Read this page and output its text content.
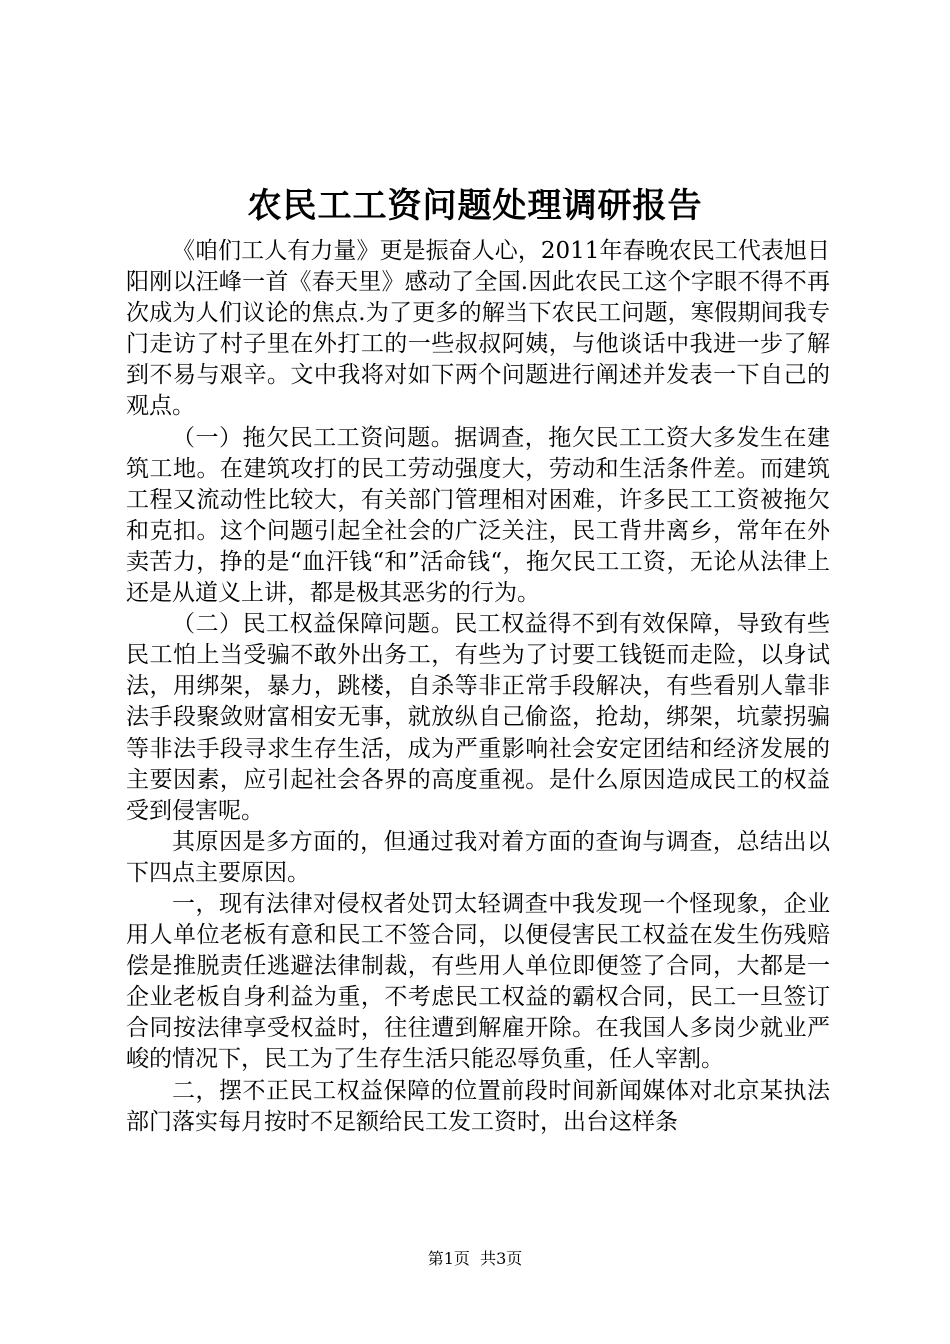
农民工工资问题处理调研报告

《咱们工人有力量》更是振奋人心，2011年春晚农民工代表旭日阳刚以汪峰一首《春天里》感动了全国.因此农民工这个字眼不得不再次成为人们议论的焦点.为了更多的解当下农民工问题，寒假期间我专门走访了村子里在外打工的一些叔叔阿姨，与他谈话中我进一步了解到不易与艰辛。文中我将对如下两个问题进行阐述并发表一下自己的观点。

（一）拖欠民工工资问题。据调查，拖欠民工工资大多发生在建筑工地。在建筑攻打的民工劳动强度大，劳动和生活条件差。而建筑工程又流动性比较大，有关部门管理相对困难，许多民工工资被拖欠和克扣。这个问题引起全社会的广泛关注，民工背井离乡，常年在外卖苦力，挣的是“血汗钱“和”活命钱“，拖欠民工工资，无论从法律上还是从道义上讲，都是极其恶劣的行为。

（二）民工权益保障问题。民工权益得不到有效保障，导致有些民工怕上当受骗不敢外出务工，有些为了讨要工钱铤而走险，以身试法，用绑架，暴力，跳楼，自杀等非正常手段解决，有些看别人靠非法手段聚敛财富相安无事，就放纵自己偷盗，抢劫，绑架，坑蒙拐骗等非法手段寻求生存生活，成为严重影响社会安定团结和经济发展的主要因素，应引起社会各界的高度重视。是什么原因造成民工的权益受到侵害呢。

其原因是多方面的，但通过我对着方面的查询与调查，总结出以下四点主要原因。

一，现有法律对侵权者处罚太轻调查中我发现一个怪现象，企业用人单位老板有意和民工不签合同，以便侵害民工权益在发生伤残赔偿是推脱责任逃避法律制裁，有些用人单位即便签了合同，大都是一企业老板自身利益为重，不考虑民工权益的霸权合同，民工一旦签订合同按法律享受权益时，往往遭到解雇开除。在我国人多岗少就业严峻的情况下，民工为了生存生活只能忍辱负重，任人宰割。

二，摆不正民工权益保障的位置前段时间新闻媒体对北京某执法部门落实每月按时不足额给民工发工资时，出台这样条

第1页  共3页
